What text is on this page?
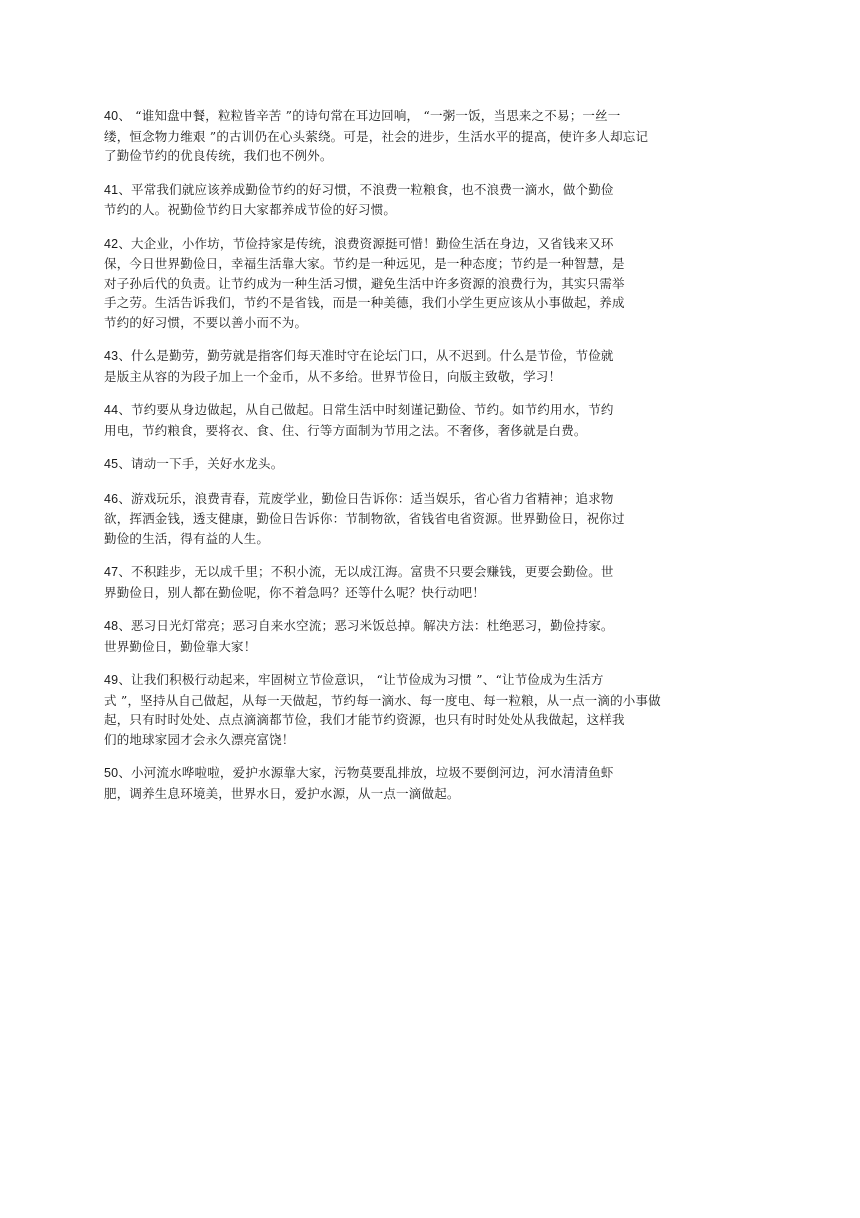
40、 “谁知盘中餐，粒粒皆辛苦 ”的诗句常在耳边回响， “一粥一饭，当思来之不易；一丝一
缕，恒念物力维艰 ”的古训仍在心头萦绕。可是，社会的进步，生活水平的提高，使许多人却忘记
了勤俭节约的优良传统，我们也不例外。

41、平常我们就应该养成勤俭节约的好习惯，不浪费一粒粮食，也不浪费一滴水，做个勤俭
节约的人。祝勤俭节约日大家都养成节俭的好习惯。

42、大企业，小作坊，节俭持家是传统，浪费资源挺可惜！勤俭生活在身边，又省钱来又环
保，今日世界勤俭日，幸福生活靠大家。节约是一种远见，是一种态度；节约是一种智慧，是
对子孙后代的负责。让节约成为一种生活习惯，避免生活中许多资源的浪费行为，其实只需举
手之劳。生活告诉我们，节约不是省钱，而是一种美德，我们小学生更应该从小事做起，养成
节约的好习惯，不要以善小而不为。

43、什么是勤劳，勤劳就是指客们每天准时守在论坛门口，从不迟到。什么是节俭，节俭就
是版主从容的为段子加上一个金币，从不多给。世界节俭日，向版主致敬，学习！

44、节约要从身边做起，从自己做起。日常生活中时刻谨记勤俭、节约。如节约用水，节约
用电，节约粮食，要将衣、食、住、行等方面制为节用之法。不奢侈，奢侈就是白费。

45、请动一下手，关好水龙头。

46、游戏玩乐，浪费青春，荒废学业，勤俭日告诉你：适当娱乐，省心省力省精神；追求物
欲，挥洒金钱，透支健康，勤俭日告诉你：节制物欲，省钱省电省资源。世界勤俭日，祝你过
勤俭的生活，得有益的人生。

47、不积跬步，无以成千里；不积小流，无以成江海。富贵不只要会赚钱，更要会勤俭。世
界勤俭日，别人都在勤俭呢，你不着急吗？还等什么呢？快行动吧！

48、恶习日光灯常亮；恶习自来水空流；恶习米饭总掉。解决方法：杜绝恶习，勤俭持家。
世界勤俭日，勤俭靠大家！

49、让我们积极行动起来，牢固树立节俭意识， “让节俭成为习惯 ”、“让节俭成为生活方
式 ”，坚持从自己做起，从每一天做起，节约每一滴水、每一度电、每一粒粮，从一点一滴的小事做
起，只有时时处处、点点滴滴都节俭，我们才能节约资源，也只有时时处处从我做起，这样我
们的地球家园才会永久漂亮富饶！

50、小河流水哗啦啦，爱护水源靠大家，污物莫要乱排放，垃圾不要倒河边，河水清清鱼虾
肥，调养生息环境美，世界水日，爱护水源，从一点一滴做起。
